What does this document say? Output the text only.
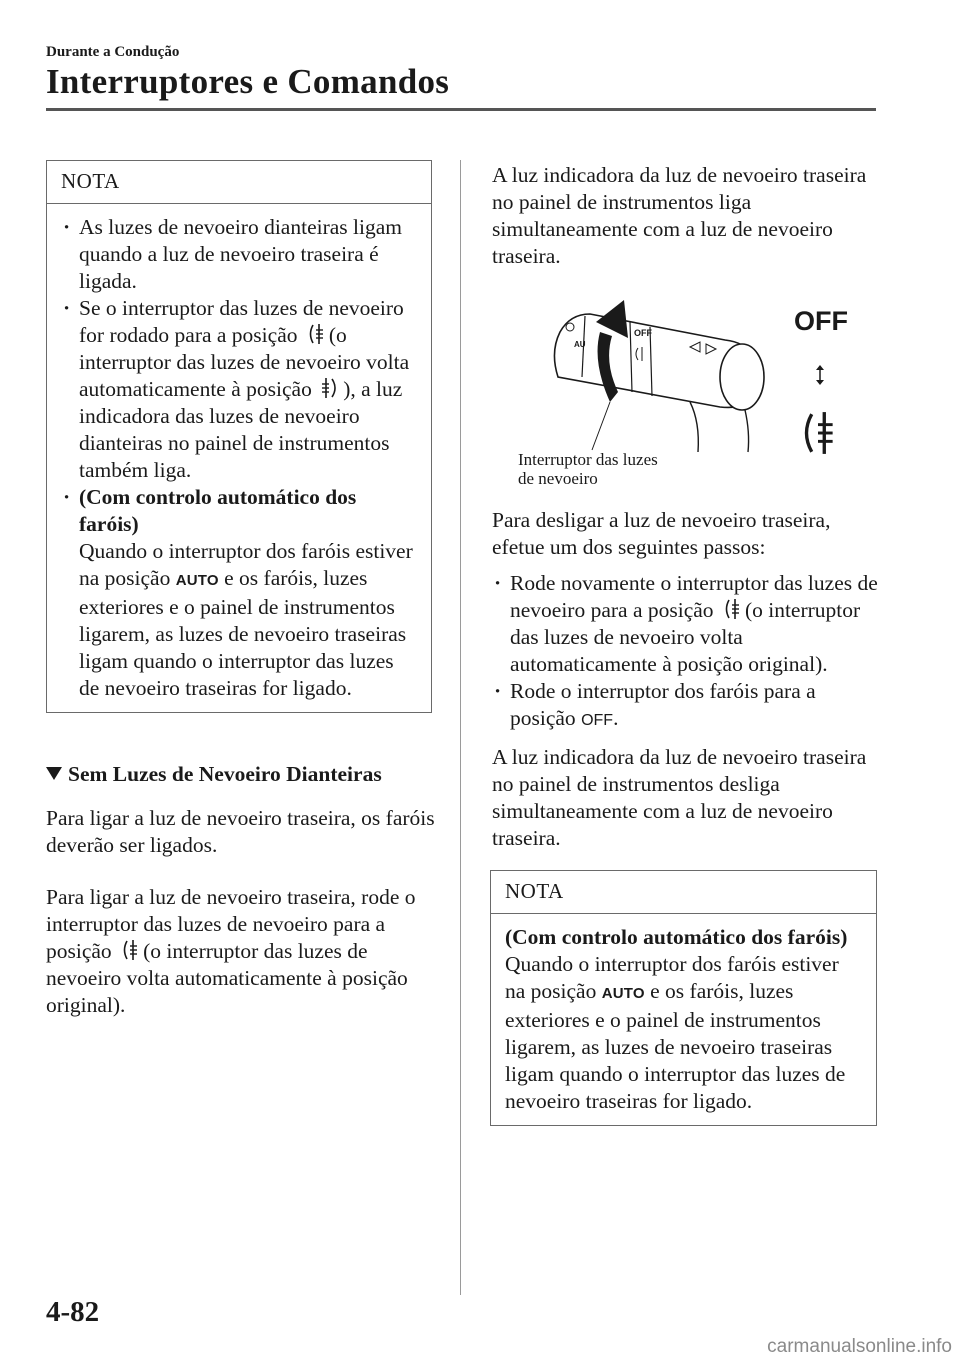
Durante a Condução
Interruptores e Comandos
NOTA
· As luzes de nevoeiro dianteiras ligam quando a luz de nevoeiro traseira é ligada.
· Se o interruptor das luzes de nevoeiro for rodado para a posição (o interruptor das luzes de nevoeiro volta automaticamente à posição ), a luz indicadora das luzes de nevoeiro dianteiras no painel de instrumentos também liga.
· (Com controlo automático dos faróis)
Quando o interruptor dos faróis estiver na posição AUTO e os faróis, luzes exteriores e o painel de instrumentos ligarem, as luzes de nevoeiro traseiras ligam quando o interruptor das luzes de nevoeiro traseiras for ligado.
Sem Luzes de Nevoeiro Dianteiras
Para ligar a luz de nevoeiro traseira, os faróis deverão ser ligados.
Para ligar a luz de nevoeiro traseira, rode o interruptor das luzes de nevoeiro para a posição (o interruptor das luzes de nevoeiro volta automaticamente à posição original).
A luz indicadora da luz de nevoeiro traseira no painel de instrumentos liga simultaneamente com a luz de nevoeiro traseira.
OFF
AU
Interruptor das luzes
de nevoeiro
OFF
Para desligar a luz de nevoeiro traseira, efetue um dos seguintes passos:
· Rode novamente o interruptor das luzes de nevoeiro para a posição (o interruptor das luzes de nevoeiro volta automaticamente à posição original).
· Rode o interruptor dos faróis para a posição OFF.
A luz indicadora da luz de nevoeiro traseira no painel de instrumentos desliga simultaneamente com a luz de nevoeiro traseira.
NOTA
(Com controlo automático dos faróis)
Quando o interruptor dos faróis estiver na posição AUTO e os faróis, luzes exteriores e o painel de instrumentos ligarem, as luzes de nevoeiro traseiras ligam quando o interruptor das luzes de nevoeiro traseiras for ligado.
4-82
carmanualsonline.info
